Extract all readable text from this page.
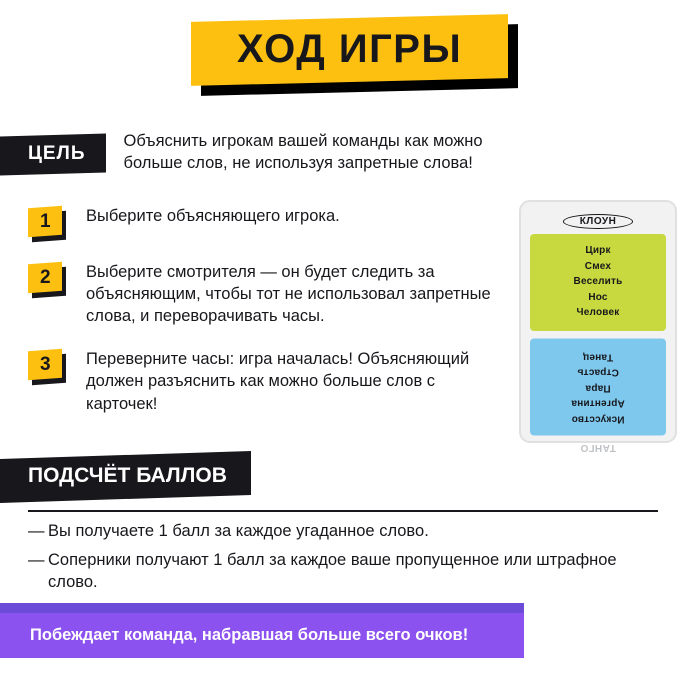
ХОД ИГРЫ
ЦЕЛЬ
Объяснить игрокам вашей команды как можно больше слов, не используя запретные слова!
1 Выберите объясняющего игрока.
2 Выберите смотрителя — он будет следить за объясняющим, чтобы тот не использовал запретные слова, и переворачивать часы.
3 Переверните часы: игра началась! Объясняющий должен разъяснить как можно больше слов с карточек!
КЛОУН
Цирк
Смех
Веселить
Нос
Человек
Искусство
Аргентина
Пара
Страсть
Танец
ТАНГО
ПОДСЧЁТ БАЛЛОВ
— Вы получаете 1 балл за каждое угаданное слово.
— Соперники получают 1 балл за каждое ваше пропущенное или штрафное слово.
Побеждает команда, набравшая больше всего очков!
